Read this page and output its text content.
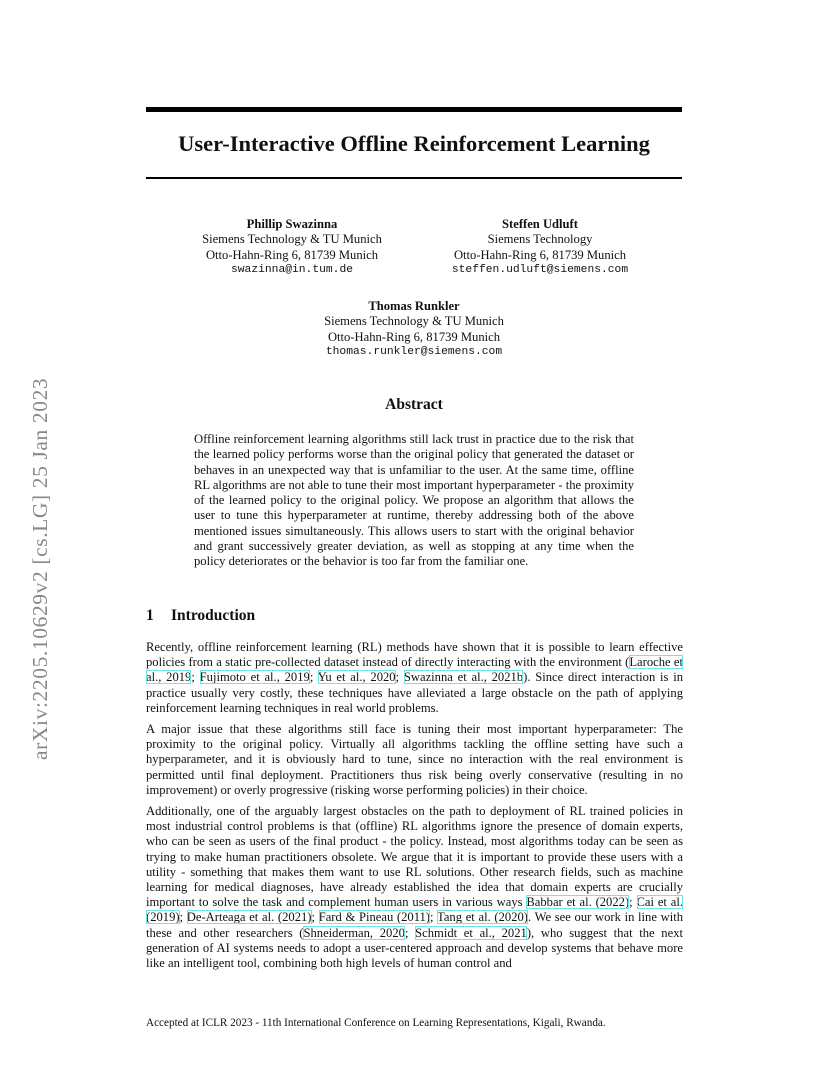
arXiv:2205.10629v2 [cs.LG] 25 Jan 2023
User-Interactive Offline Reinforcement Learning
Phillip Swazinna
Siemens Technology & TU Munich
Otto-Hahn-Ring 6, 81739 Munich
swazinna@in.tum.de
Steffen Udluft
Siemens Technology
Otto-Hahn-Ring 6, 81739 Munich
steffen.udluft@siemens.com
Thomas Runkler
Siemens Technology & TU Munich
Otto-Hahn-Ring 6, 81739 Munich
thomas.runkler@siemens.com
Abstract

Offline reinforcement learning algorithms still lack trust in practice due to the risk that the learned policy performs worse than the original policy that generated the dataset or behaves in an unexpected way that is unfamiliar to the user. At the same time, offline RL algorithms are not able to tune their most important hyperparameter - the proximity of the learned policy to the original policy. We propose an algorithm that allows the user to tune this hyperparameter at runtime, thereby addressing both of the above mentioned issues simultaneously. This allows users to start with the original behavior and grant successively greater deviation, as well as stopping at any time when the policy deteriorates or the behavior is too far from the familiar one.

1 Introduction

Recently, offline reinforcement learning (RL) methods have shown that it is possible to learn effective policies from a static pre-collected dataset instead of directly interacting with the environment (Laroche et al., 2019; Fujimoto et al., 2019; Yu et al., 2020; Swazinna et al., 2021b). Since direct interaction is in practice usually very costly, these techniques have alleviated a large obstacle on the path of applying reinforcement learning techniques in real world problems.

A major issue that these algorithms still face is tuning their most important hyperparameter: The proximity to the original policy. Virtually all algorithms tackling the offline setting have such a hyperparameter, and it is obviously hard to tune, since no interaction with the real environment is permitted until final deployment. Practitioners thus risk being overly conservative (resulting in no improvement) or overly progressive (risking worse performing policies) in their choice.

Additionally, one of the arguably largest obstacles on the path to deployment of RL trained policies in most industrial control problems is that (offline) RL algorithms ignore the presence of domain experts, who can be seen as users of the final product - the policy. Instead, most algorithms today can be seen as trying to make human practitioners obsolete. We argue that it is important to provide these users with a utility - something that makes them want to use RL solutions. Other research fields, such as machine learning for medical diagnoses, have already established the idea that domain experts are crucially important to solve the task and complement human users in various ways Babbar et al. (2022); Cai et al. (2019); De-Arteaga et al. (2021); Fard & Pineau (2011); Tang et al. (2020). We see our work in line with these and other researchers (Shneiderman, 2020; Schmidt et al., 2021), who suggest that the next generation of AI systems needs to adopt a user-centered approach and develop systems that behave more like an intelligent tool, combining both high levels of human control and

Accepted at ICLR 2023 - 11th International Conference on Learning Representations, Kigali, Rwanda.
